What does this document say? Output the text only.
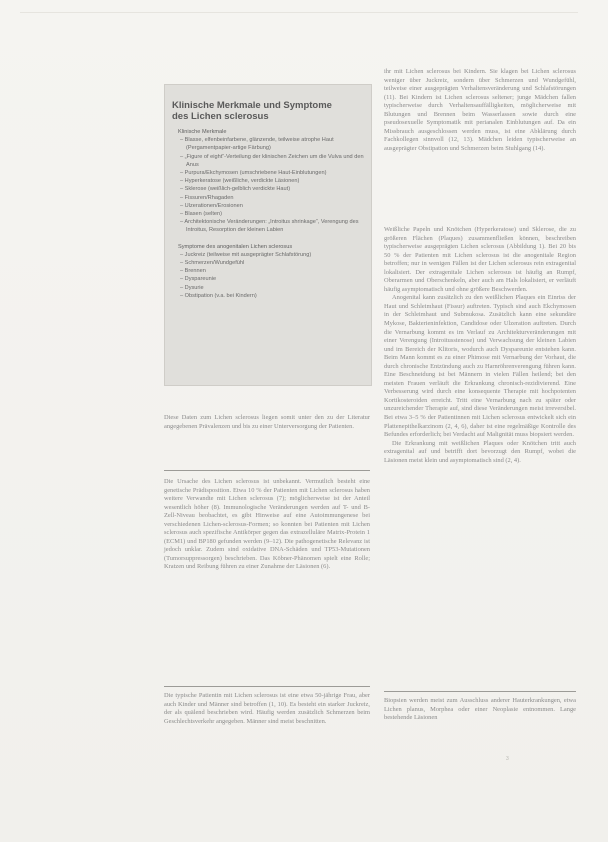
Klinische Merkmale und Symptome
des Lichen sclerosus
Klinische Merkmale
– Blasse, elfenbeinfarbene, glänzende, teilweise atrophe Haut (Pergamentpapier-artige Färbung)
– „Figure of eight“-Verteilung der klinischen Zeichen um die Vulva und den Anus
– Purpura/Ekchymosen (umschriebene Haut-Einblutungen)
– Hyperkeratose (weißliche, verdickte Läsionen)
– Sklerose (weißlich-gelblich verdickte Haut)
– Fissuren/Rhagaden
– Ulzerationen/Erosionen
– Blasen (selten)
– Architektonische Veränderungen: „Introitus shrinkage“, Verengung des Introitus, Resorption der kleinen Labien
Symptome des anogenitalen Lichen sclerosus
– Juckreiz (teilweise mit ausgeprägter Schlafstörung)
– Schmerzen/Wundgefühl
– Brennen
– Dyspareunie
– Dysurie
– Obstipation (v.a. bei Kindern)

Diese Daten zum Lichen sclerosus liegen somit unter den zu der Literatur angegebenen Prävalenzen und bis zu einer Unterversorgung der Patienten.

Die Ursache des Lichen sclerosus ist unbekannt. Vermutlich besteht eine genetische Prädisposition. Etwa 10 % der Patienten mit Lichen sclerosus haben weitere Verwandte mit Lichen sclerosus (7); möglicherweise ist der Anteil wesentlich höher (8). Immunologische Veränderungen werden auf T- und B-Zell-Niveau beobachtet, es gibt Hinweise auf eine Autoimmungenese bei verschiedenen Lichen-sclerosus-Formen; so konnten bei Patienten mit Lichen sclerosus auch spezifische Antikörper gegen das extrazelluläre Matrix-Protein 1 (ECM1) und BP180 gefunden werden (9–12). Die pathogenetische Relevanz ist jedoch unklar. Zudem sind oxidative DNA-Schäden und TP53-Mutationen (Tumorsuppressorgen) beschrieben. Das Köbner-Phänomen spielt eine Rolle; Kratzen und Reibung führen zu einer Zunahme der Läsionen (6).

Die typische Patientin mit Lichen sclerosus ist eine etwa 50-jährige Frau, aber auch Kinder und Männer sind betroffen (1, 10). Es besteht ein starker Juckreiz, der als quälend beschrieben wird. Häufig werden zusätzlich Schmerzen beim Geschlechtsverkehr angegeben. Männer sind meist beschnitten.

ihr mit Lichen sclerosus bei Kindern. Sie klagen bei Lichen sclerosus weniger über Juckreiz, sondern über Schmerzen und Wundgefühl, teilweise einer ausgeprägten Verhaltensveränderung und Schlafstörungen (11). Bei Kindern ist Lichen sclerosus seltener; junge Mädchen fallen typischerweise durch Verhaltensauffälligkeiten, möglicherweise mit Blutungen und Brennen beim Wasserlassen sowie durch eine pseudosexuelle Symptomatik mit perianalen Einblutungen auf. Da ein Missbrauch ausgeschlossen werden muss, ist eine Abklärung durch Fachkollegen sinnvoll (12, 13). Mädchen leiden typischerweise an ausgeprägter Obstipation und Schmerzen beim Stuhlgang (14).

Weißliche Papeln und Knötchen (Hyperkeratose) und Sklerose, die zu größeren Flächen (Plaques) zusammenfließen können, beschreiben typischerweise ausgeprägten Lichen sclerosus (Abbildung 1). Bei 20 bis 50 % der Patienten mit Lichen sclerosus ist die anogenitale Region betroffen; nur in wenigen Fällen ist der Lichen sclerosus rein extragenital lokalisiert. Der extragenitale Lichen sclerosus ist häufig an Rumpf, Oberarmen und Oberschenkeln, aber auch am Hals lokalisiert, er verläuft häufig asymptomatisch und ohne größere Beschwerden.

Anogenital kann zusätzlich zu den weißlichen Plaques ein Einriss der Haut und Schleimhaut (Fissur) auftreten. Typisch sind auch Ekchymosen in der Schleimhaut und Submukosa. Zusätzlich kann eine sekundäre Mykose, Bakterieninfektion, Candidose oder Ulzeration auftreten. Durch die Vernarbung kommt es im Verlauf zu Architekturveränderungen mit einer Verengung (Introitusstenose) und Verwachsung der kleinen Labien und im Bereich der Klitoris, wodurch auch Dyspareunie entstehen kann. Beim Mann kommt es zu einer Phimose mit Vernarbung der Vorhaut, die durch chronische Entzündung auch zu Harnröhrenverengung führen kann. Eine Beschneidung ist bei Männern in vielen Fällen heilend; bei den meisten Frauen verläuft die Erkrankung chronisch-rezidivierend. Eine Verbesserung wird durch eine konsequente Therapie mit hochpotenten Kortikosteroiden erreicht. Tritt eine Vernarbung nach zu später oder unzureichender Therapie auf, sind diese Veränderungen meist irreversibel. Bei etwa 3–5 % der Patientinnen mit Lichen sclerosus entwickelt sich ein Plattenepithelkarzinom (2, 4, 6), daher ist eine regelmäßige Kontrolle des Befundes erforderlich; bei Verdacht auf Malignität muss biopsiert werden.

Die Erkrankung mit weißlichen Plaques oder Knötchen tritt auch extragenital auf und betrifft dort bevorzugt den Rumpf, wobei die Läsionen meist klein und asymptomatisch sind (2, 4).

Biopsien werden meist zum Ausschluss anderer Hauterkrankungen, etwa Lichen planus, Morphea oder einer Neoplasie entnommen. Lange bestehende Läsionen

3
